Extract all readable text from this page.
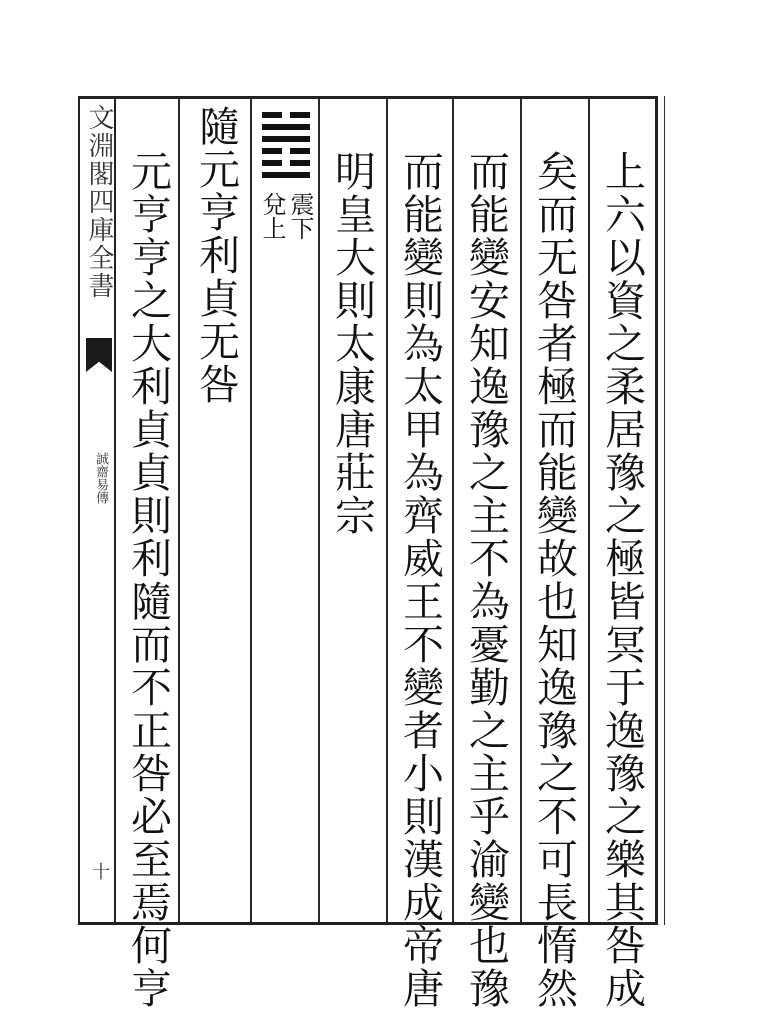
文淵閣四庫全書
誠齋易傳
十	上六以資之柔居豫之極皆冥于逸豫之樂其咎成
矣而无咎者極而能變故也知逸豫之不可長惰然
而能變安知逸豫之主不為憂勤之主乎渝變也豫
而能變則為太甲為齊威王不變者小則漢成帝唐
明皇大則太康唐莊宗
震下
兌上
隨元亨利貞无咎
元亨亨之大利貞貞則利隨而不正咎必至焉何亨
